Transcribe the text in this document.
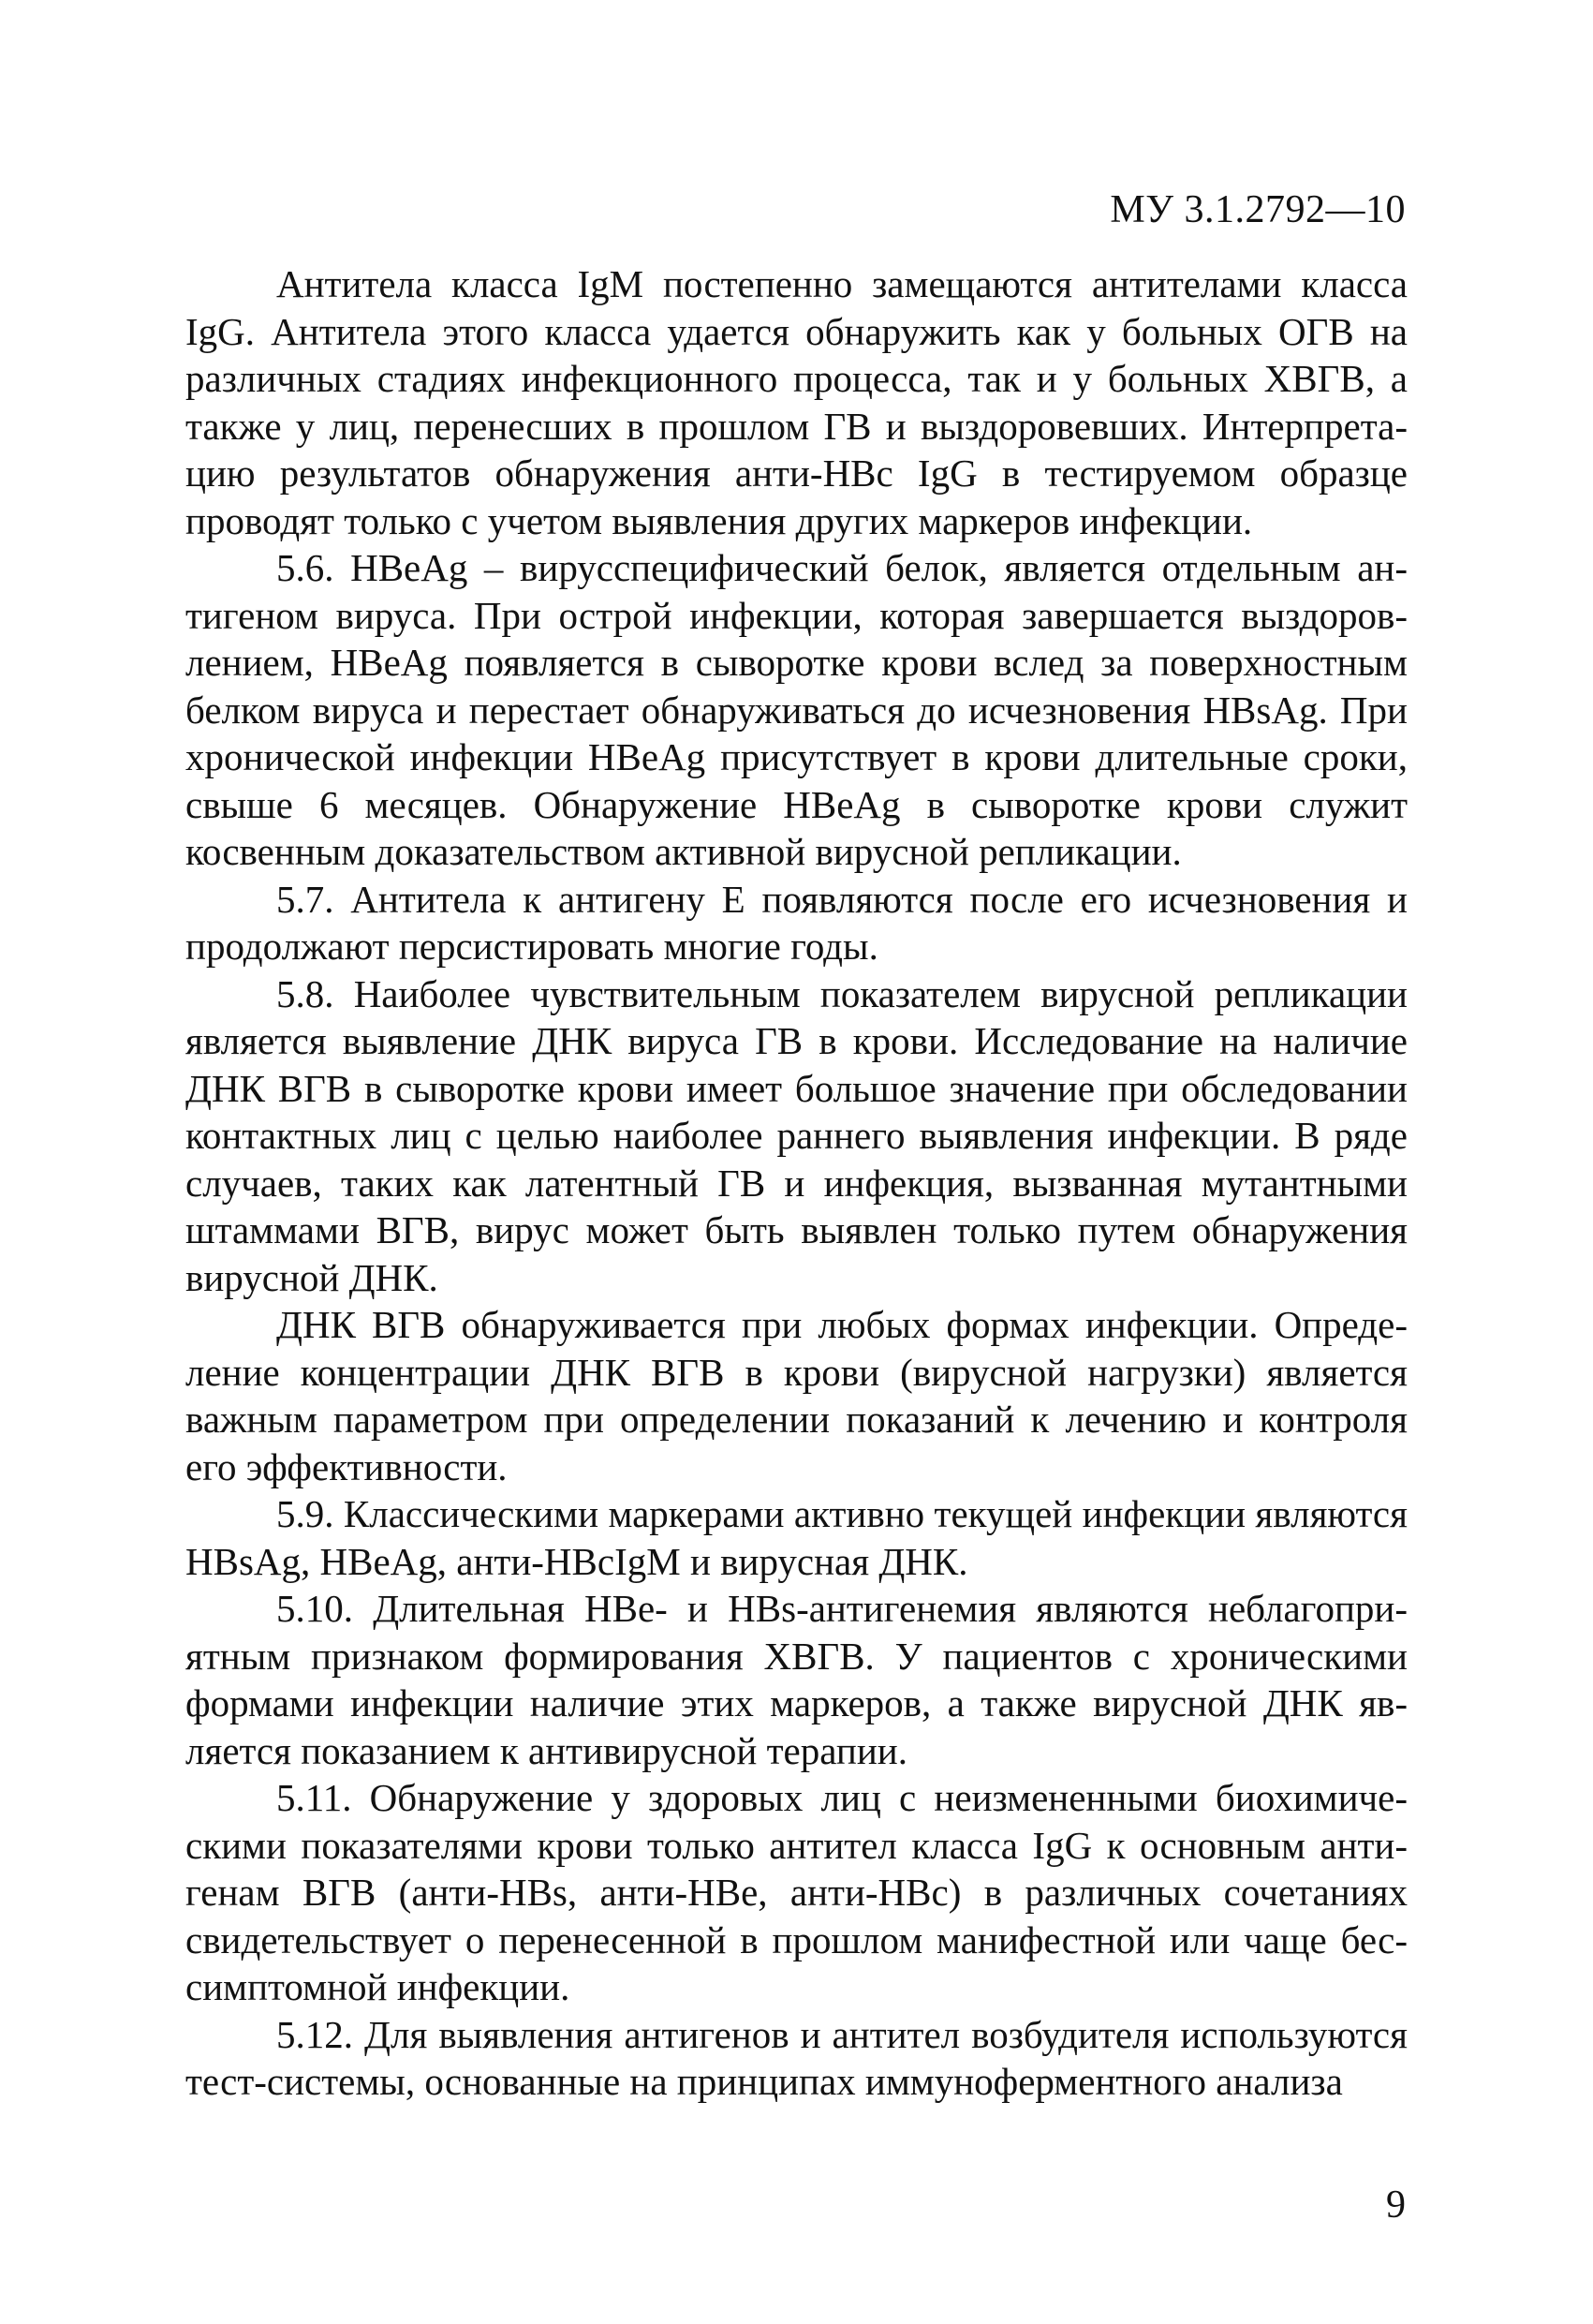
МУ 3.1.2792—10

Антитела класса IgM постепенно замещаются антителами класса IgG. Антитела этого класса удается обнаружить как у больных ОГВ на различных стадиях инфекционного процесса, так и у больных ХВГВ, а также у лиц, перенесших в прошлом ГВ и выздоровевших. Интерпретацию результатов обнаружения анти-HBc IgG в тестируемом образце проводят только с учетом выявления других маркеров инфекции.

5.6. HBeAg – вирусспецифический белок, является отдельным антигеном вируса. При острой инфекции, которая завершается выздоровлением, HBeAg появляется в сыворотке крови вслед за поверхностным белком вируса и перестает обнаруживаться до исчезновения HBsAg. При хронической инфекции HBeAg присутствует в крови длительные сроки, свыше 6 месяцев. Обнаружение HBeAg в сыворотке крови служит косвенным доказательством активной вирусной репликации.

5.7. Антитела к антигену Е появляются после его исчезновения и продолжают персистировать многие годы.

5.8. Наиболее чувствительным показателем вирусной репликации является выявление ДНК вируса ГВ в крови. Исследование на наличие ДНК ВГВ в сыворотке крови имеет большое значение при обследовании контактных лиц с целью наиболее раннего выявления инфекции. В ряде случаев, таких как латентный ГВ и инфекция, вызванная мутантными штаммами ВГВ, вирус может быть выявлен только путем обнаружения вирусной ДНК.

ДНК ВГВ обнаруживается при любых формах инфекции. Определение концентрации ДНК ВГВ в крови (вирусной нагрузки) является важным параметром при определении показаний к лечению и контроля его эффективности.

5.9. Классическими маркерами активно текущей инфекции являются HBsAg, HBeAg, анти-HBcIgM и вирусная ДНК.

5.10. Длительная HBe- и HBs-антигенемия являются неблагоприятным признаком формирования ХВГВ. У пациентов с хроническими формами инфекции наличие этих маркеров, а также вирусной ДНК является показанием к антивирусной терапии.

5.11. Обнаружение у здоровых лиц с неизмененными биохимическими показателями крови только антител класса IgG к основным антигенам ВГВ (анти-HBs, анти-HBe, анти-HBc) в различных сочетаниях свидетельствует о перенесенной в прошлом манифестной или чаще бессимптомной инфекции.

5.12. Для выявления антигенов и антител возбудителя используются тест-системы, основанные на принципах иммуноферментного анализа

9
